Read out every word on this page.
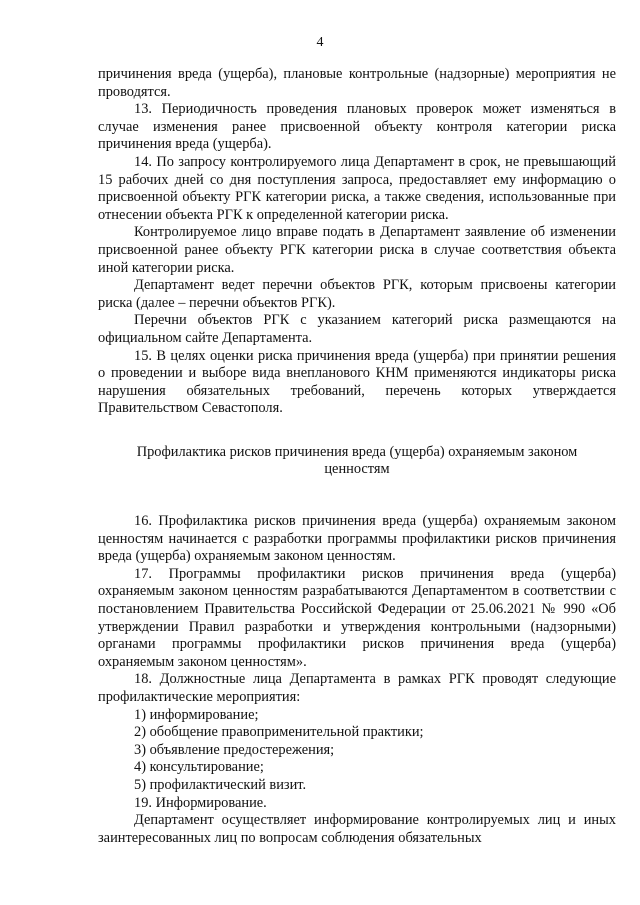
4

причинения вреда (ущерба), плановые контрольные (надзорные) мероприятия не проводятся.

13. Периодичность проведения плановых проверок может изменяться в случае изменения ранее присвоенной объекту контроля категории риска причинения вреда (ущерба).

14. По запросу контролируемого лица Департамент в срок, не превышающий 15 рабочих дней со дня поступления запроса, предоставляет ему информацию о присвоенной объекту РГК категории риска, а также сведения, использованные при отнесении объекта РГК к определенной категории риска.

Контролируемое лицо вправе подать в Департамент заявление об изменении присвоенной ранее объекту РГК категории риска в случае соответствия объекта иной категории риска.

Департамент ведет перечни объектов РГК, которым присвоены категории риска (далее – перечни объектов РГК).

Перечни объектов РГК с указанием категорий риска размещаются на официальном сайте Департамента.

15. В целях оценки риска причинения вреда (ущерба) при принятии решения о проведении и выборе вида внепланового КНМ применяются индикаторы риска нарушения обязательных требований, перечень которых утверждается Правительством Севастополя.

Профилактика рисков причинения вреда (ущерба) охраняемым законом ценностям

16. Профилактика рисков причинения вреда (ущерба) охраняемым законом ценностям начинается с разработки программы профилактики рисков причинения вреда (ущерба) охраняемым законом ценностям.

17. Программы профилактики рисков причинения вреда (ущерба) охраняемым законом ценностям разрабатываются Департаментом в соответствии с постановлением Правительства Российской Федерации от 25.06.2021 № 990 «Об утверждении Правил разработки и утверждения контрольными (надзорными) органами программы профилактики рисков причинения вреда (ущерба) охраняемым законом ценностям».

18. Должностные лица Департамента в рамках РГК проводят следующие профилактические мероприятия:

1) информирование;

2) обобщение правоприменительной практики;

3) объявление предостережения;

4) консультирование;

5) профилактический визит.

19. Информирование.

Департамент осуществляет информирование контролируемых лиц и иных заинтересованных лиц по вопросам соблюдения обязательных
